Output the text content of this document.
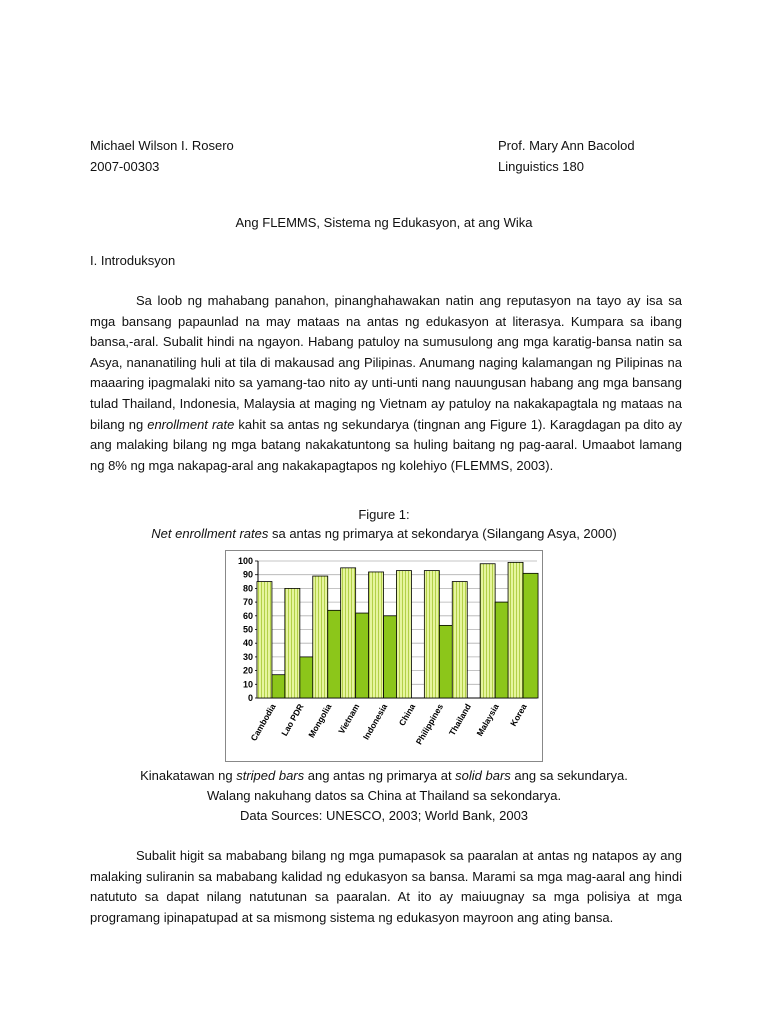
Michael Wilson I. Rosero
2007-00303
Prof. Mary Ann Bacolod
Linguistics 180
Ang FLEMMS, Sistema ng Edukasyon, at ang Wika
I. Introduksyon

Sa loob ng mahabang panahon, pinanghahawakan natin ang reputasyon na tayo ay isa sa mga bansang papaunlad na may mataas na antas ng edukasyon at literasya. Kumpara sa ibang bansa,-aral. Subalit hindi na ngayon. Habang patuloy na sumusulong ang mga karatig-bansa natin sa Asya, nananatiling huli at tila di makausad ang Pilipinas. Anumang naging kalamangan ng Pilipinas na maaaring ipagmalaki nito sa yamang-tao nito ay unti-unti nang nauungusan habang ang mga bansang tulad Thailand, Indonesia, Malaysia at maging ng Vietnam ay patuloy na nakakapagtala ng mataas na bilang ng enrollment rate kahit sa antas ng sekundarya (tingnan ang Figure 1). Karagdagan pa dito ay ang malaking bilang ng mga batang nakakatuntong sa huling baitang ng pag-aaral. Umaabot lamang ng 8% ng mga nakapag-aral ang nakakapagtapos ng kolehiyo (FLEMMS, 2003).

Figure 1:
Net enrollment rates sa antas ng primarya at sekondarya (Silangang Asya, 2000)
0
10
20
30
40
50
60
70
80
90
100
Cambodia Lao PDR Mongolia Vietnam Indonesia China
Philippines Thailand Malaysia Korea
Kinakatawan ng striped bars ang antas ng primarya at solid bars ang sa sekundarya.
Walang nakuhang datos sa China at Thailand sa sekondarya.
Data Sources: UNESCO, 2003; World Bank, 2003

Subalit higit sa mababang bilang ng mga pumapasok sa paaralan at antas ng natapos ay ang malaking suliranin sa mababang kalidad ng edukasyon sa bansa. Marami sa mga mag-aaral ang hindi natututo sa dapat nilang natutunan sa paaralan. At ito ay maiuugnay sa mga polisiya at mga programang ipinapatupad at sa mismong sistema ng edukasyon mayroon ang ating bansa.
